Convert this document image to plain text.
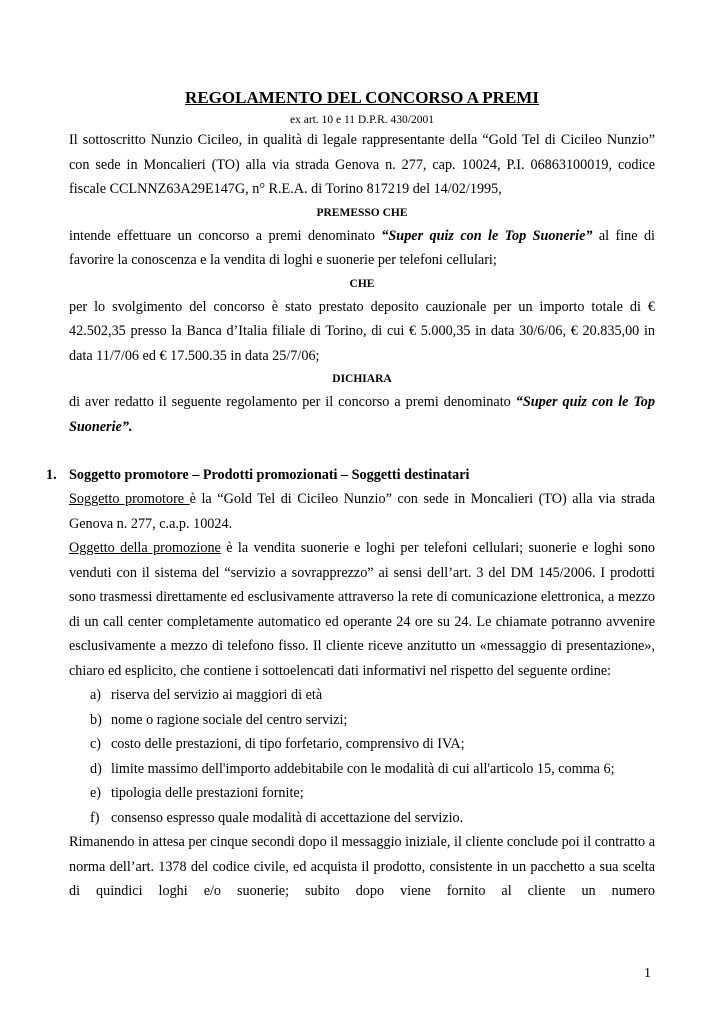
REGOLAMENTO DEL CONCORSO A PREMI

ex art. 10 e 11 D.P.R. 430/2001

Il sottoscritto Nunzio Cicileo, in qualità di legale rappresentante della “Gold Tel di Cicileo Nunzio” con sede in Moncalieri (TO) alla via strada Genova n. 277, cap. 10024, P.I. 06863100019, codice fiscale CCLNNZ63A29E147G, n° R.E.A. di Torino 817219 del 14/02/1995,

PREMESSO CHE

intende effettuare un concorso a premi denominato “Super quiz con le Top Suonerie” al fine di favorire la conoscenza e la vendita di loghi e suonerie per telefoni cellulari;

CHE

per lo svolgimento del concorso è stato prestato deposito cauzionale per un importo totale di € 42.502,35 presso la Banca d’Italia filiale di Torino, di cui € 5.000,35 in data 30/6/06, € 20.835,00 in data 11/7/06 ed € 17.500.35 in data 25/7/06;

DICHIARA

di aver redatto il seguente regolamento per il concorso a premi denominato “Super quiz con le Top Suonerie”.

1. Soggetto promotore – Prodotti promozionati – Soggetti destinatari

Soggetto promotore è la “Gold Tel di Cicileo Nunzio” con sede in Moncalieri (TO) alla via strada Genova n. 277, c.a.p. 10024.

Oggetto della promozione è la vendita suonerie e loghi per telefoni cellulari; suonerie e loghi sono venduti con il sistema del “servizio a sovrapprezzo” ai sensi dell’art. 3 del DM 145/2006. I prodotti sono trasmessi direttamente ed esclusivamente attraverso la rete di comunicazione elettronica, a mezzo di un call center completamente automatico ed operante 24 ore su 24. Le chiamate potranno avvenire esclusivamente a mezzo di telefono fisso. Il cliente riceve anzitutto un «messaggio di presentazione», chiaro ed esplicito, che contiene i sottoelencati dati informativi nel rispetto del seguente ordine:

a) riserva del servizio ai maggiori di età
b) nome o ragione sociale del centro servizi;
c) costo delle prestazioni, di tipo forfetario, comprensivo di IVA;
d) limite massimo dell'importo addebitabile con le modalità di cui all'articolo 15, comma 6;
e) tipologia delle prestazioni fornite;
f) consenso espresso quale modalità di accettazione del servizio.

Rimanendo in attesa per cinque secondi dopo il messaggio iniziale, il cliente conclude poi il contratto a norma dell’art. 1378 del codice civile, ed acquista il prodotto, consistente in un pacchetto a sua scelta di quindici loghi e/o suonerie; subito dopo viene fornito al cliente un numero

1
